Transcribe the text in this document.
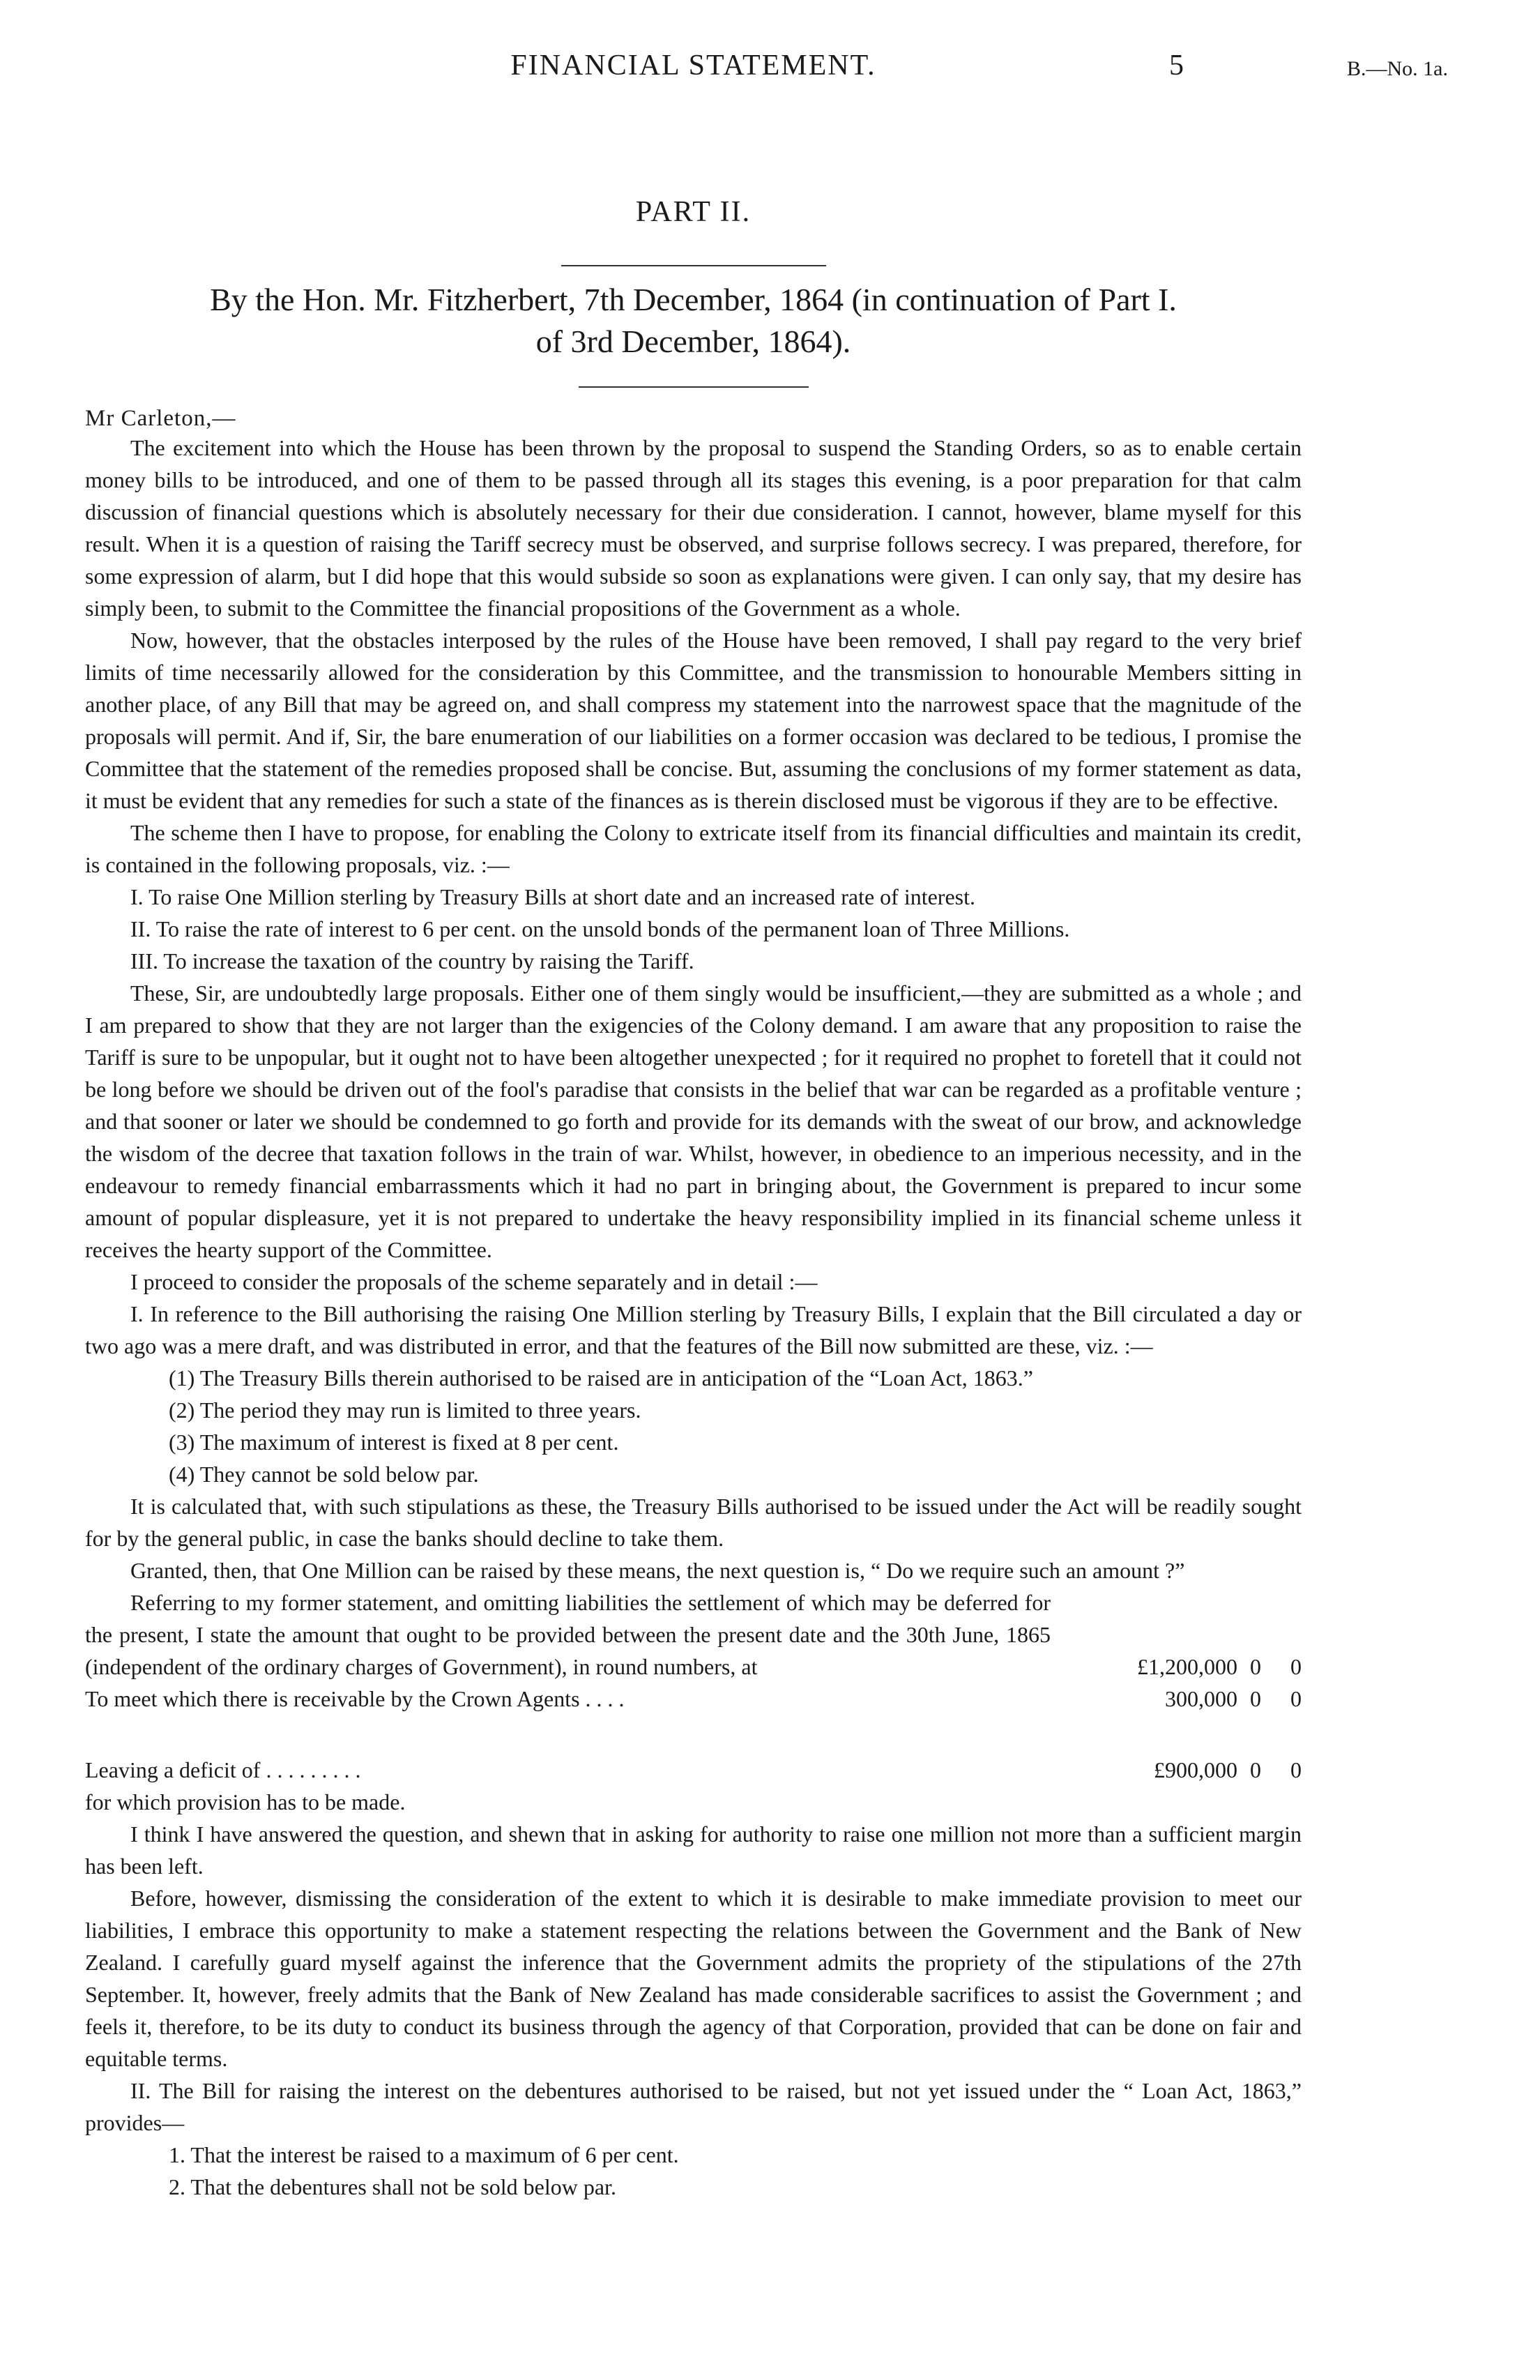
FINANCIAL STATEMENT.	5	B.—No. 1a.
PART II.
By the Hon. Mr. Fitzherbert, 7th December, 1864 (in continuation of Part I.
of 3rd December, 1864).
Mr Carleton,—

The excitement into which the House has been thrown by the proposal to suspend the Standing Orders, so as to enable certain money bills to be introduced, and one of them to be passed through all its stages this evening, is a poor preparation for that calm discussion of financial questions which is absolutely necessary for their due consideration. I cannot, however, blame myself for this result. When it is a question of raising the Tariff secrecy must be observed, and surprise follows secrecy. I was prepared, therefore, for some expression of alarm, but I did hope that this would subside so soon as explanations were given. I can only say, that my desire has simply been, to submit to the Committee the financial propositions of the Government as a whole.

Now, however, that the obstacles interposed by the rules of the House have been removed, I shall pay regard to the very brief limits of time necessarily allowed for the consideration by this Committee, and the transmission to honourable Members sitting in another place, of any Bill that may be agreed on, and shall compress my statement into the narrowest space that the magnitude of the proposals will permit. And if, Sir, the bare enumeration of our liabilities on a former occasion was declared to be tedious, I promise the Committee that the statement of the remedies proposed shall be concise. But, assuming the conclusions of my former statement as data, it must be evident that any remedies for such a state of the finances as is therein disclosed must be vigorous if they are to be effective.

The scheme then I have to propose, for enabling the Colony to extricate itself from its financial difficulties and maintain its credit, is contained in the following proposals, viz. :—

I. To raise One Million sterling by Treasury Bills at short date and an increased rate of interest.

II. To raise the rate of interest to 6 per cent. on the unsold bonds of the permanent loan of Three Millions.

III. To increase the taxation of the country by raising the Tariff.

These, Sir, are undoubtedly large proposals. Either one of them singly would be insufficient,—they are submitted as a whole ; and I am prepared to show that they are not larger than the exigencies of the Colony demand. I am aware that any proposition to raise the Tariff is sure to be unpopular, but it ought not to have been altogether unexpected ; for it required no prophet to foretell that it could not be long before we should be driven out of the fool's paradise that consists in the belief that war can be regarded as a profitable venture ; and that sooner or later we should be condemned to go forth and provide for its demands with the sweat of our brow, and acknowledge the wisdom of the decree that taxation follows in the train of war. Whilst, however, in obedience to an imperious necessity, and in the endeavour to remedy financial embarrassments which it had no part in bringing about, the Government is prepared to incur some amount of popular displeasure, yet it is not prepared to undertake the heavy responsibility implied in its financial scheme unless it receives the hearty support of the Committee.

I proceed to consider the proposals of the scheme separately and in detail :—

I. In reference to the Bill authorising the raising One Million sterling by Treasury Bills, I explain that the Bill circulated a day or two ago was a mere draft, and was distributed in error, and that the features of the Bill now submitted are these, viz. :—

(1) The Treasury Bills therein authorised to be raised are in anticipation of the “Loan Act, 1863.”

(2) The period they may run is limited to three years.

(3) The maximum of interest is fixed at 8 per cent.

(4) They cannot be sold below par.

It is calculated that, with such stipulations as these, the Treasury Bills authorised to be issued under the Act will be readily sought for by the general public, in case the banks should decline to take them.

Granted, then, that One Million can be raised by these means, the next question is, “ Do we require such an amount ?”

Referring to my former statement, and omitting liabilities the settlement of which may be deferred for the present, I state the amount that ought to be provided between the present date and the 30th June, 1865 (independent of the ordinary charges of Government), in round numbers, at	£1,200,000 0 0
To meet which there is receivable by the Crown Agents . . . .	300,000 0 0
Leaving a deficit of . . . . . . . . .	£900,000 0 0

for which provision has to be made.

I think I have answered the question, and shewn that in asking for authority to raise one million not more than a sufficient margin has been left.

Before, however, dismissing the consideration of the extent to which it is desirable to make immediate provision to meet our liabilities, I embrace this opportunity to make a statement respecting the relations between the Government and the Bank of New Zealand. I carefully guard myself against the inference that the Government admits the propriety of the stipulations of the 27th September. It, however, freely admits that the Bank of New Zealand has made considerable sacrifices to assist the Government ; and feels it, therefore, to be its duty to conduct its business through the agency of that Corporation, provided that can be done on fair and equitable terms.

II. The Bill for raising the interest on the debentures authorised to be raised, but not yet issued under the “ Loan Act, 1863,” provides—

1. That the interest be raised to a maximum of 6 per cent.

2. That the debentures shall not be sold below par.
